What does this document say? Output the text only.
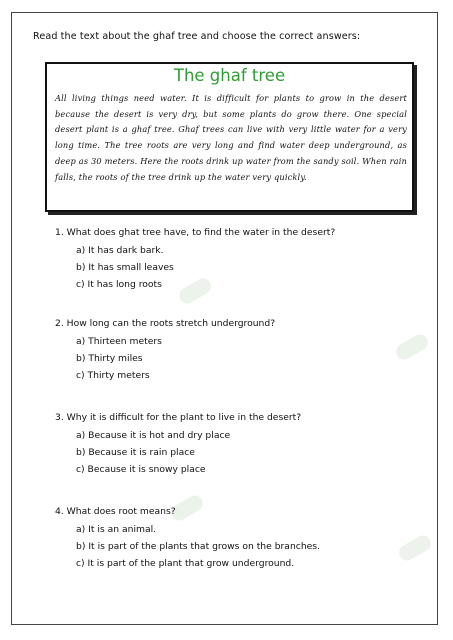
Read the text about the ghaf tree and choose the correct answers:
The ghaf tree
All living things need water. It is difficult for plants to grow in the desert because the desert is very dry, but some plants do grow there. One special desert plant is a ghaf tree. Ghaf trees can live with very little water for a very long time. The tree roots are very long and find water deep underground, as deep as 30 meters. Here the roots drink up water from the sandy soil. When rain falls, the roots of the tree drink up the water very quickly.
1. What does ghat tree have, to find the water in the desert?
a) It has dark bark.
b) It has small leaves
c) It has long roots
2. How long can the roots stretch underground?
a) Thirteen meters
b) Thirty miles
c) Thirty meters
3. Why it is difficult for the plant to live in the desert?
a) Because it is hot and dry place
b) Because it is rain place
c) Because it is snowy place
4. What does root means?
a) It is an animal.
b) It is part of the plants that grows on the branches.
c) It is part of the plant that grow underground.
